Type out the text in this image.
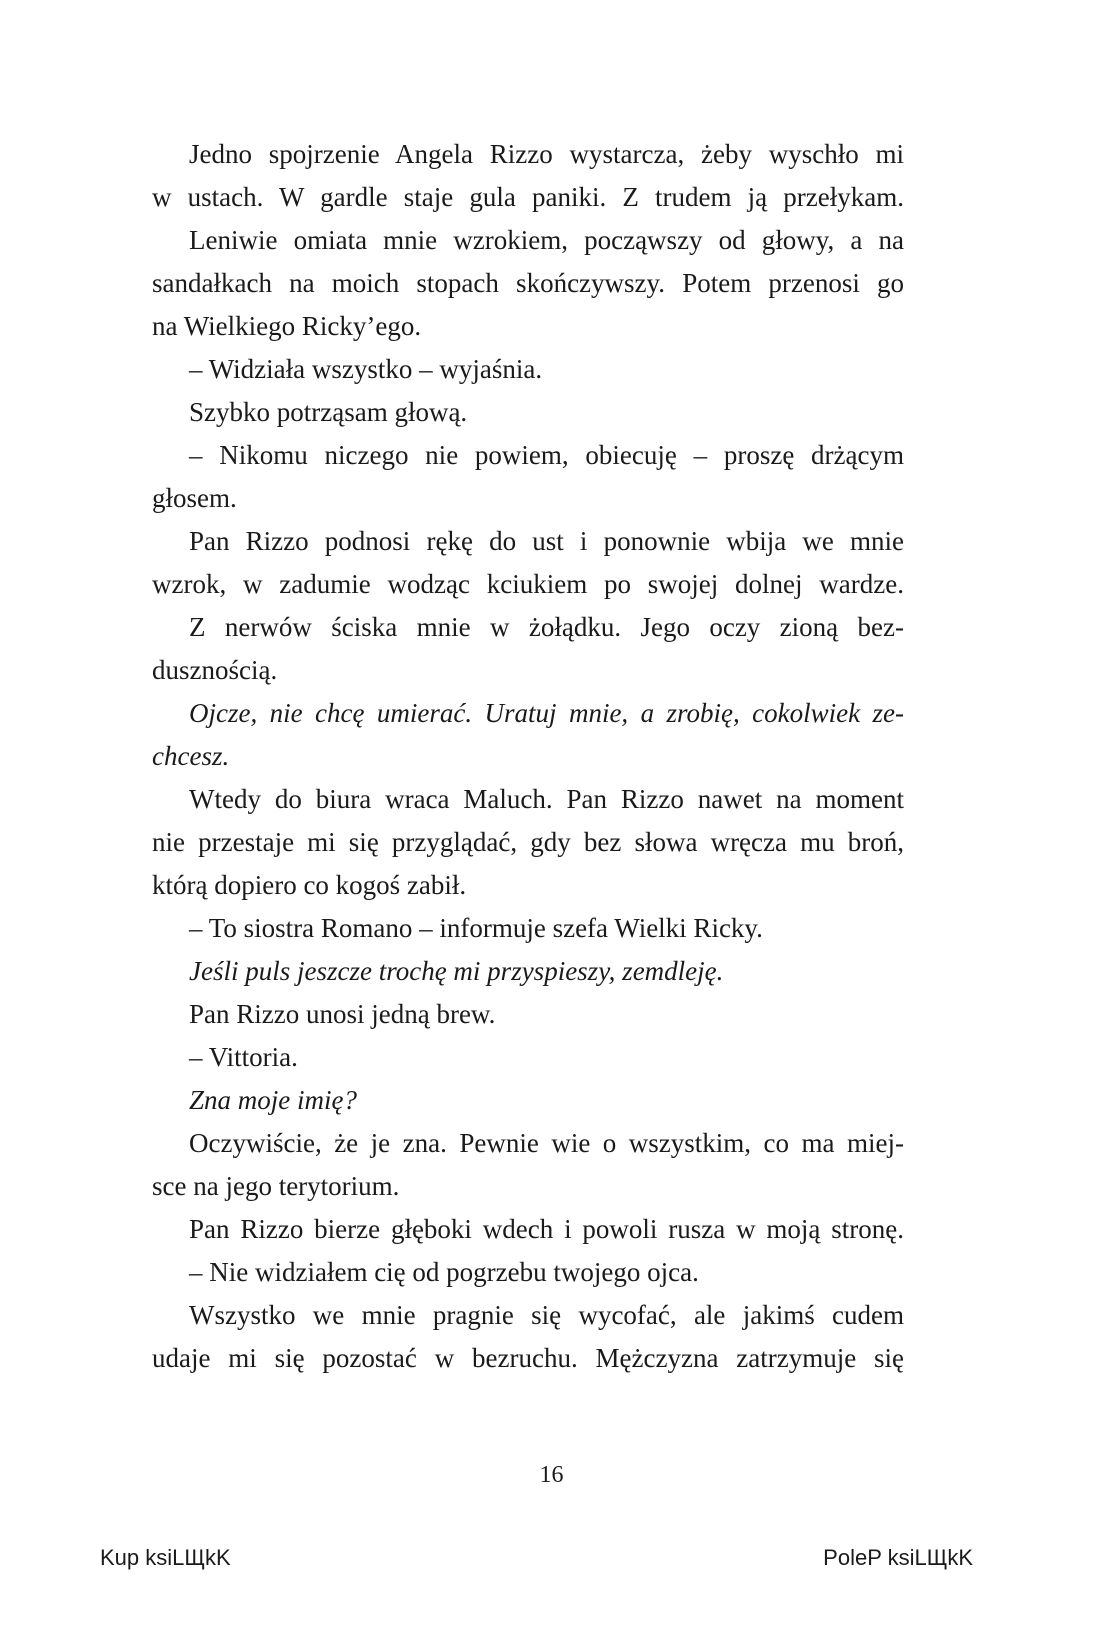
Jedno spojrzenie Angela Rizzo wystarcza, żeby wyschło mi
w ustach. W gardle staje gula paniki. Z trudem ją przełykam.
Leniwie omiata mnie wzrokiem, począwszy od głowy, a na
sandałkach na moich stopach skończywszy. Potem przenosi go
na Wielkiego Ricky’ego.
– Widziała wszystko – wyjaśnia.
Szybko potrząsam głową.
– Nikomu niczego nie powiem, obiecuję – proszę drżącym
głosem.
Pan Rizzo podnosi rękę do ust i ponownie wbija we mnie
wzrok, w zadumie wodząc kciukiem po swojej dolnej wardze.
Z nerwów ściska mnie w żołądku. Jego oczy zioną bez-
dusznością.
Ojcze, nie chcę umierać. Uratuj mnie, a zrobię, cokolwiek ze-
chcesz.
Wtedy do biura wraca Maluch. Pan Rizzo nawet na moment
nie przestaje mi się przyglądać, gdy bez słowa wręcza mu broń,
którą dopiero co kogoś zabił.
– To siostra Romano – informuje szefa Wielki Ricky.
Jeśli puls jeszcze trochę mi przyspieszy, zemdleję.
Pan Rizzo unosi jedną brew.
– Vittoria.
Zna moje imię?
Oczywiście, że je zna. Pewnie wie o wszystkim, co ma miej-
sce na jego terytorium.
Pan Rizzo bierze głęboki wdech i powoli rusza w moją stronę.
– Nie widziałem cię od pogrzebu twojego ojca.
Wszystko we mnie pragnie się wycofać, ale jakimś cudem
udaje mi się pozostać w bezruchu. Mężczyzna zatrzymuje się
16
Kup ksiLЩkK	PoleP ksiLЩkK
